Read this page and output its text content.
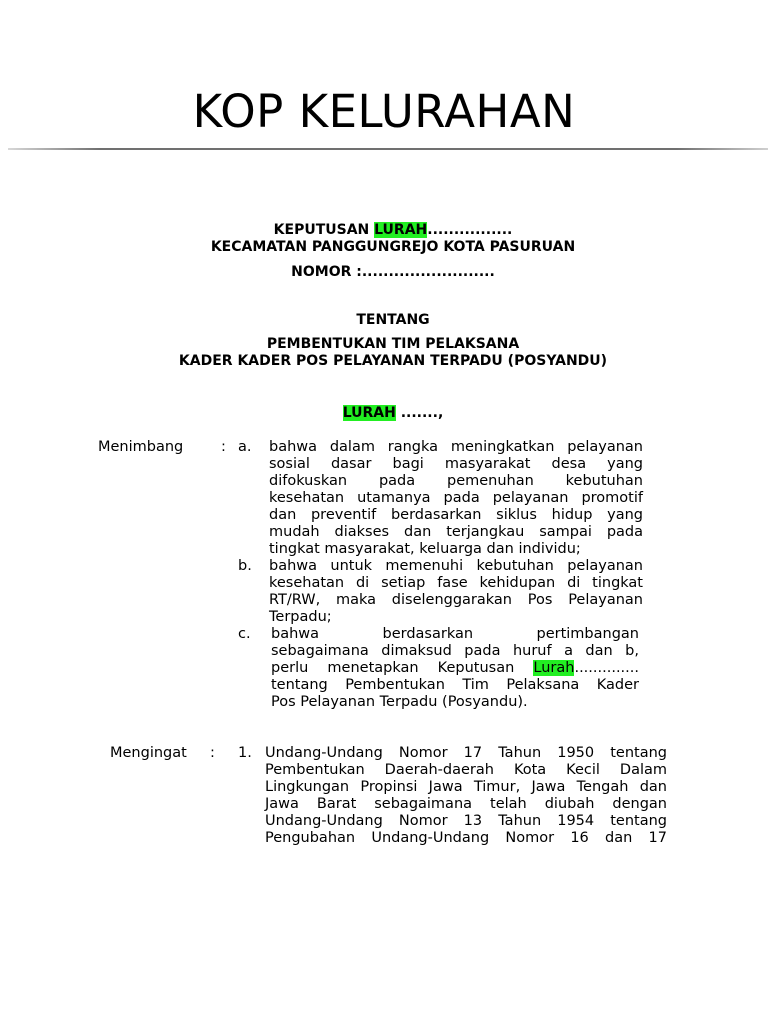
KOP KELURAHAN
KEPUTUSAN LURAH................
KECAMATAN PANGGUNGREJO KOTA PASURUAN
NOMOR :.........................
TENTANG
PEMBENTUKAN TIM PELAKSANA
KADER KADER POS PELAYANAN TERPADU (POSYANDU)
LURAH .......,
Menimbang	: a. bahwa dalam rangka meningkatkan pelayanan
sosial dasar bagi masyarakat desa yang
difokuskan pada pemenuhan kebutuhan
kesehatan utamanya pada pelayanan promotif
dan preventif berdasarkan siklus hidup yang
mudah diakses dan terjangkau sampai pada
tingkat masyarakat, keluarga dan individu;
b. bahwa untuk memenuhi kebutuhan pelayanan
kesehatan di setiap fase kehidupan di tingkat
RT/RW, maka diselenggarakan Pos Pelayanan
Terpadu;
c. bahwa berdasarkan pertimbangan
sebagaimana dimaksud pada huruf a dan b,
perlu menetapkan Keputusan Lurah..............
tentang Pembentukan Tim Pelaksana Kader
Pos Pelayanan Terpadu (Posyandu).
Mengingat : 1. Undang-Undang Nomor 17 Tahun 1950 tentang
Pembentukan Daerah-daerah Kota Kecil Dalam
Lingkungan Propinsi Jawa Timur, Jawa Tengah dan
Jawa Barat sebagaimana telah diubah dengan
Undang-Undang Nomor 13 Tahun 1954 tentang
Pengubahan Undang-Undang Nomor 16 dan 17
